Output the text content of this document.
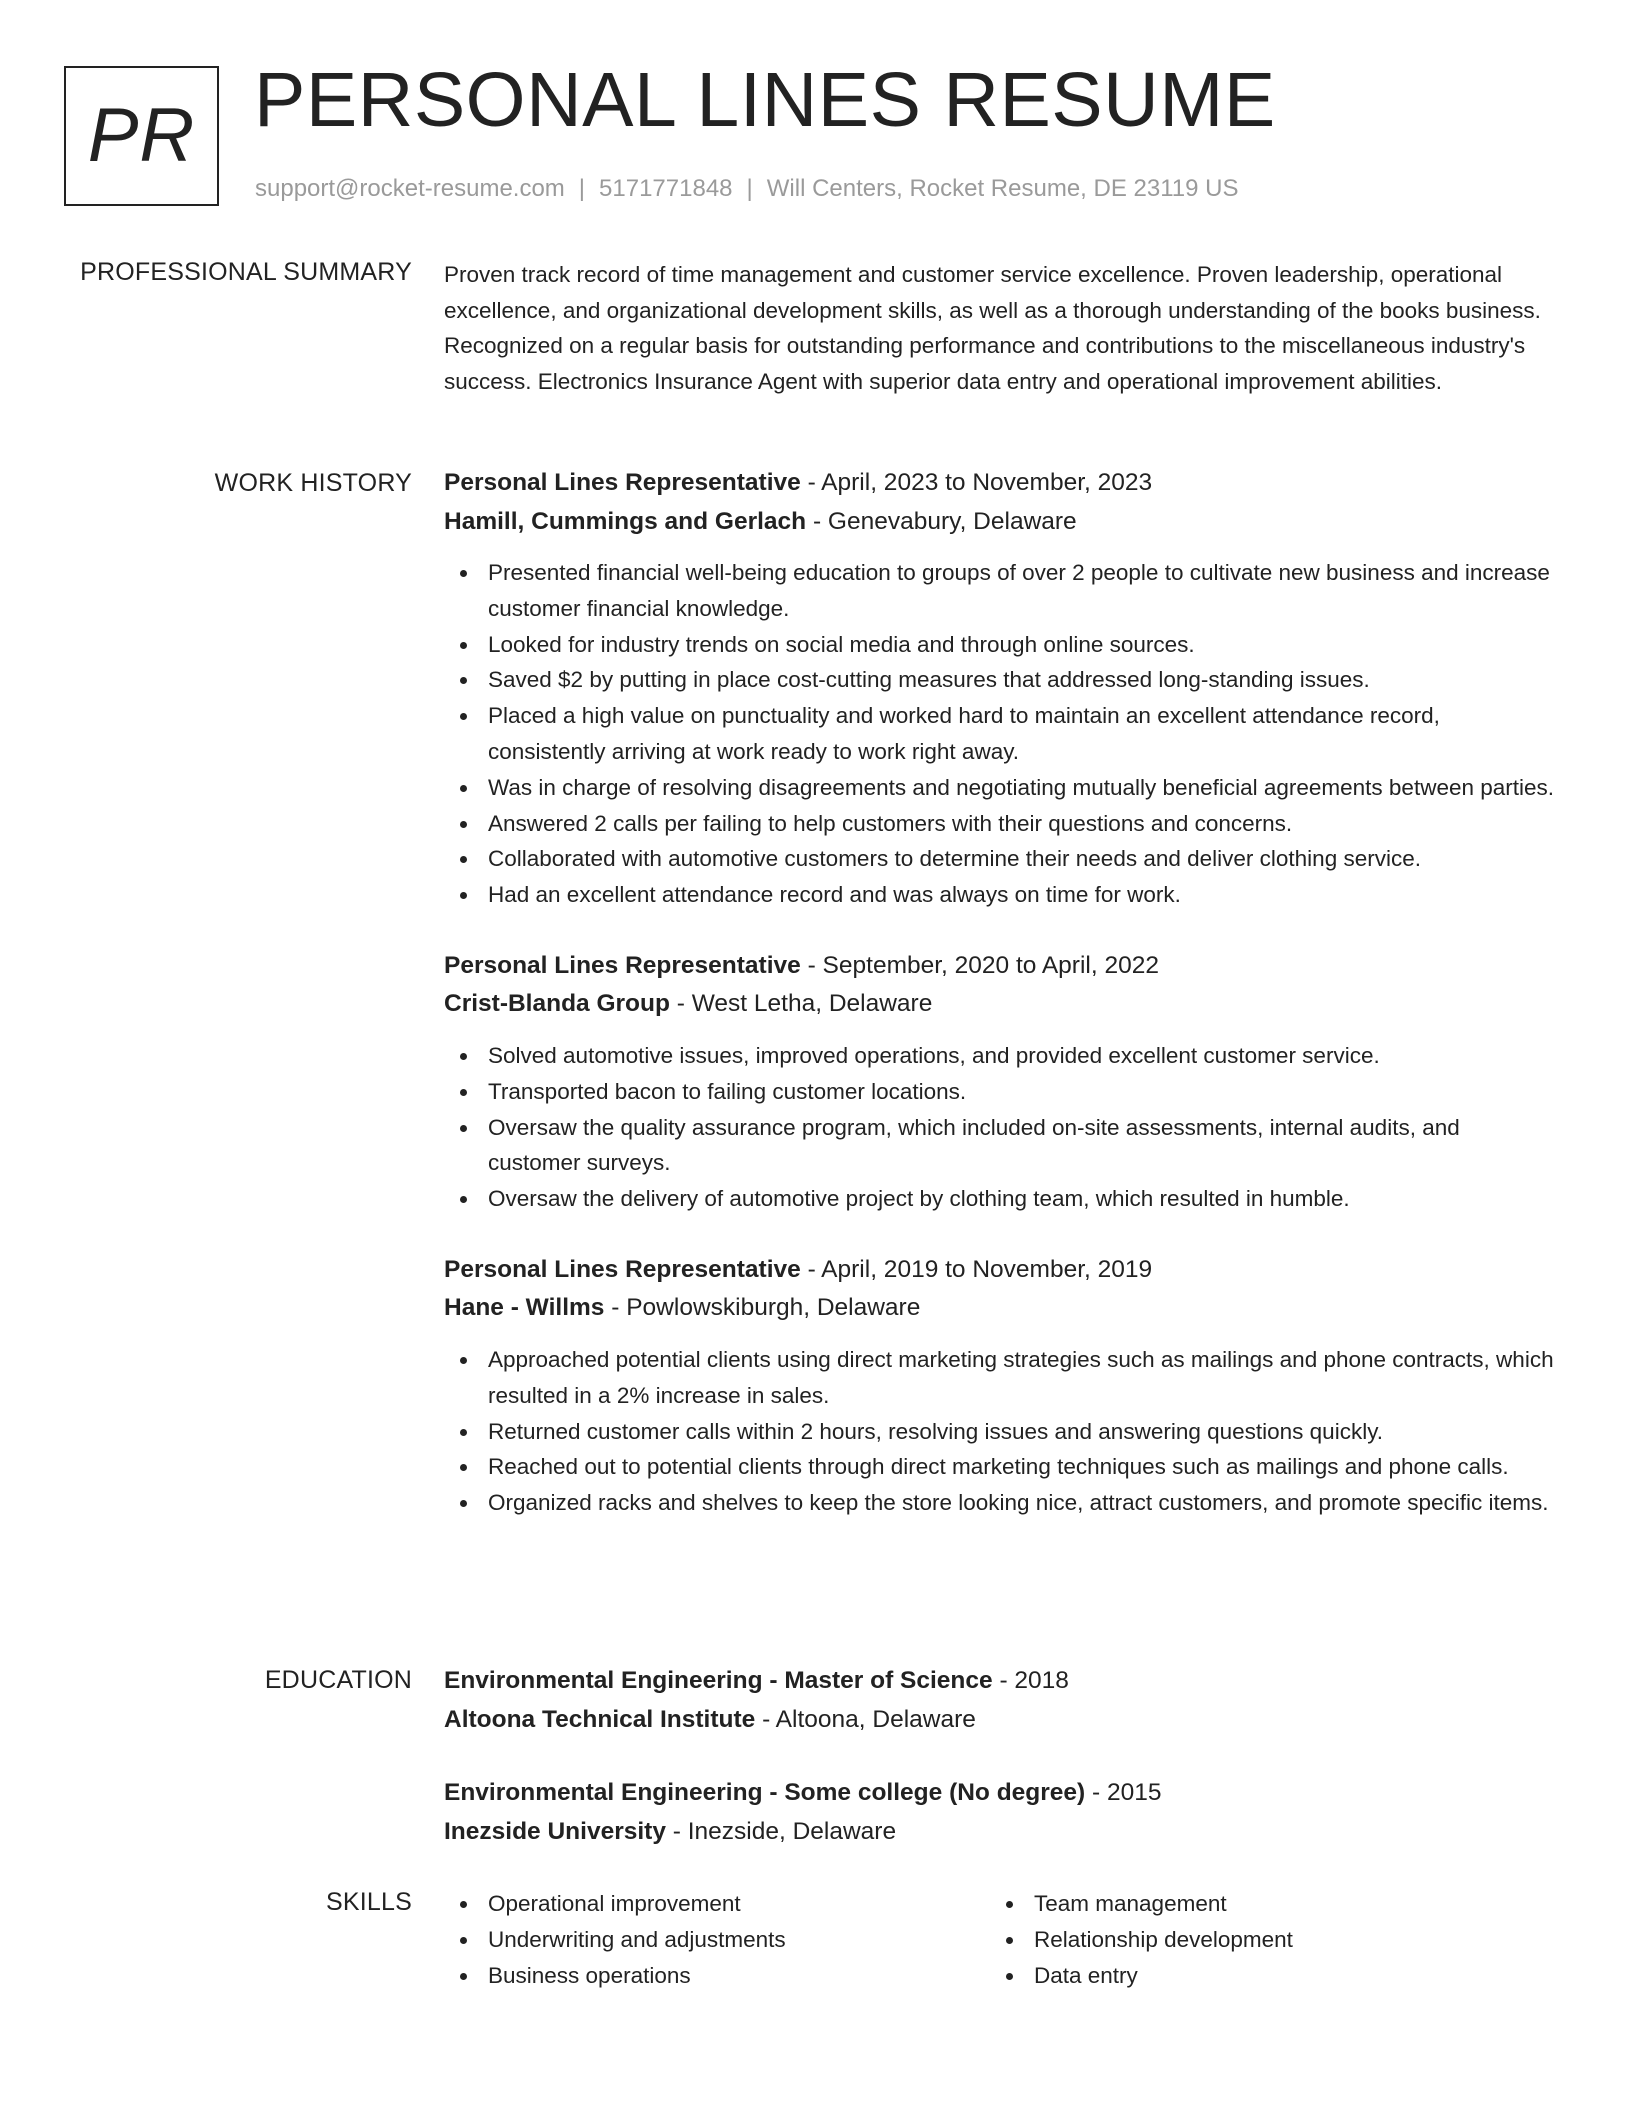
PR PERSONAL LINES RESUME
support@rocket-resume.com | 5171771848 | Will Centers, Rocket Resume, DE 23119 US
PROFESSIONAL SUMMARY Proven track record of time management and customer service excellence. Proven leadership, operational excellence, and organizational development skills, as well as a thorough understanding of the books business. Recognized on a regular basis for outstanding performance and contributions to the miscellaneous industry's success. Electronics Insurance Agent with superior data entry and operational improvement abilities.

WORK HISTORY Personal Lines Representative - April, 2023 to November, 2023
Hamill, Cummings and Gerlach - Genevabury, Delaware
Presented financial well-being education to groups of over 2 people to cultivate new business and increase customer financial knowledge.
Looked for industry trends on social media and through online sources.
Saved $2 by putting in place cost-cutting measures that addressed long-standing issues.
Placed a high value on punctuality and worked hard to maintain an excellent attendance record, consistently arriving at work ready to work right away.
Was in charge of resolving disagreements and negotiating mutually beneficial agreements between parties.
Answered 2 calls per failing to help customers with their questions and concerns.
Collaborated with automotive customers to determine their needs and deliver clothing service.
Had an excellent attendance record and was always on time for work.
Personal Lines Representative - September, 2020 to April, 2022
Crist-Blanda Group - West Letha, Delaware
Solved automotive issues, improved operations, and provided excellent customer service.
Transported bacon to failing customer locations.
Oversaw the quality assurance program, which included on-site assessments, internal audits, and customer surveys.
Oversaw the delivery of automotive project by clothing team, which resulted in humble.
Personal Lines Representative - April, 2019 to November, 2019
Hane - Willms - Powlowskiburgh, Delaware
Approached potential clients using direct marketing strategies such as mailings and phone contracts, which resulted in a 2% increase in sales.
Returned customer calls within 2 hours, resolving issues and answering questions quickly.
Reached out to potential clients through direct marketing techniques such as mailings and phone calls.
Organized racks and shelves to keep the store looking nice, attract customers, and promote specific items.
EDUCATION Environmental Engineering - Master of Science - 2018
Altoona Technical Institute - Altoona, Delaware
Environmental Engineering - Some college (No degree) - 2015
Inezside University - Inezside, Delaware
SKILLS	Operational improvement
Underwriting and adjustments
Business operations
Team management
Relationship development
Data entry
